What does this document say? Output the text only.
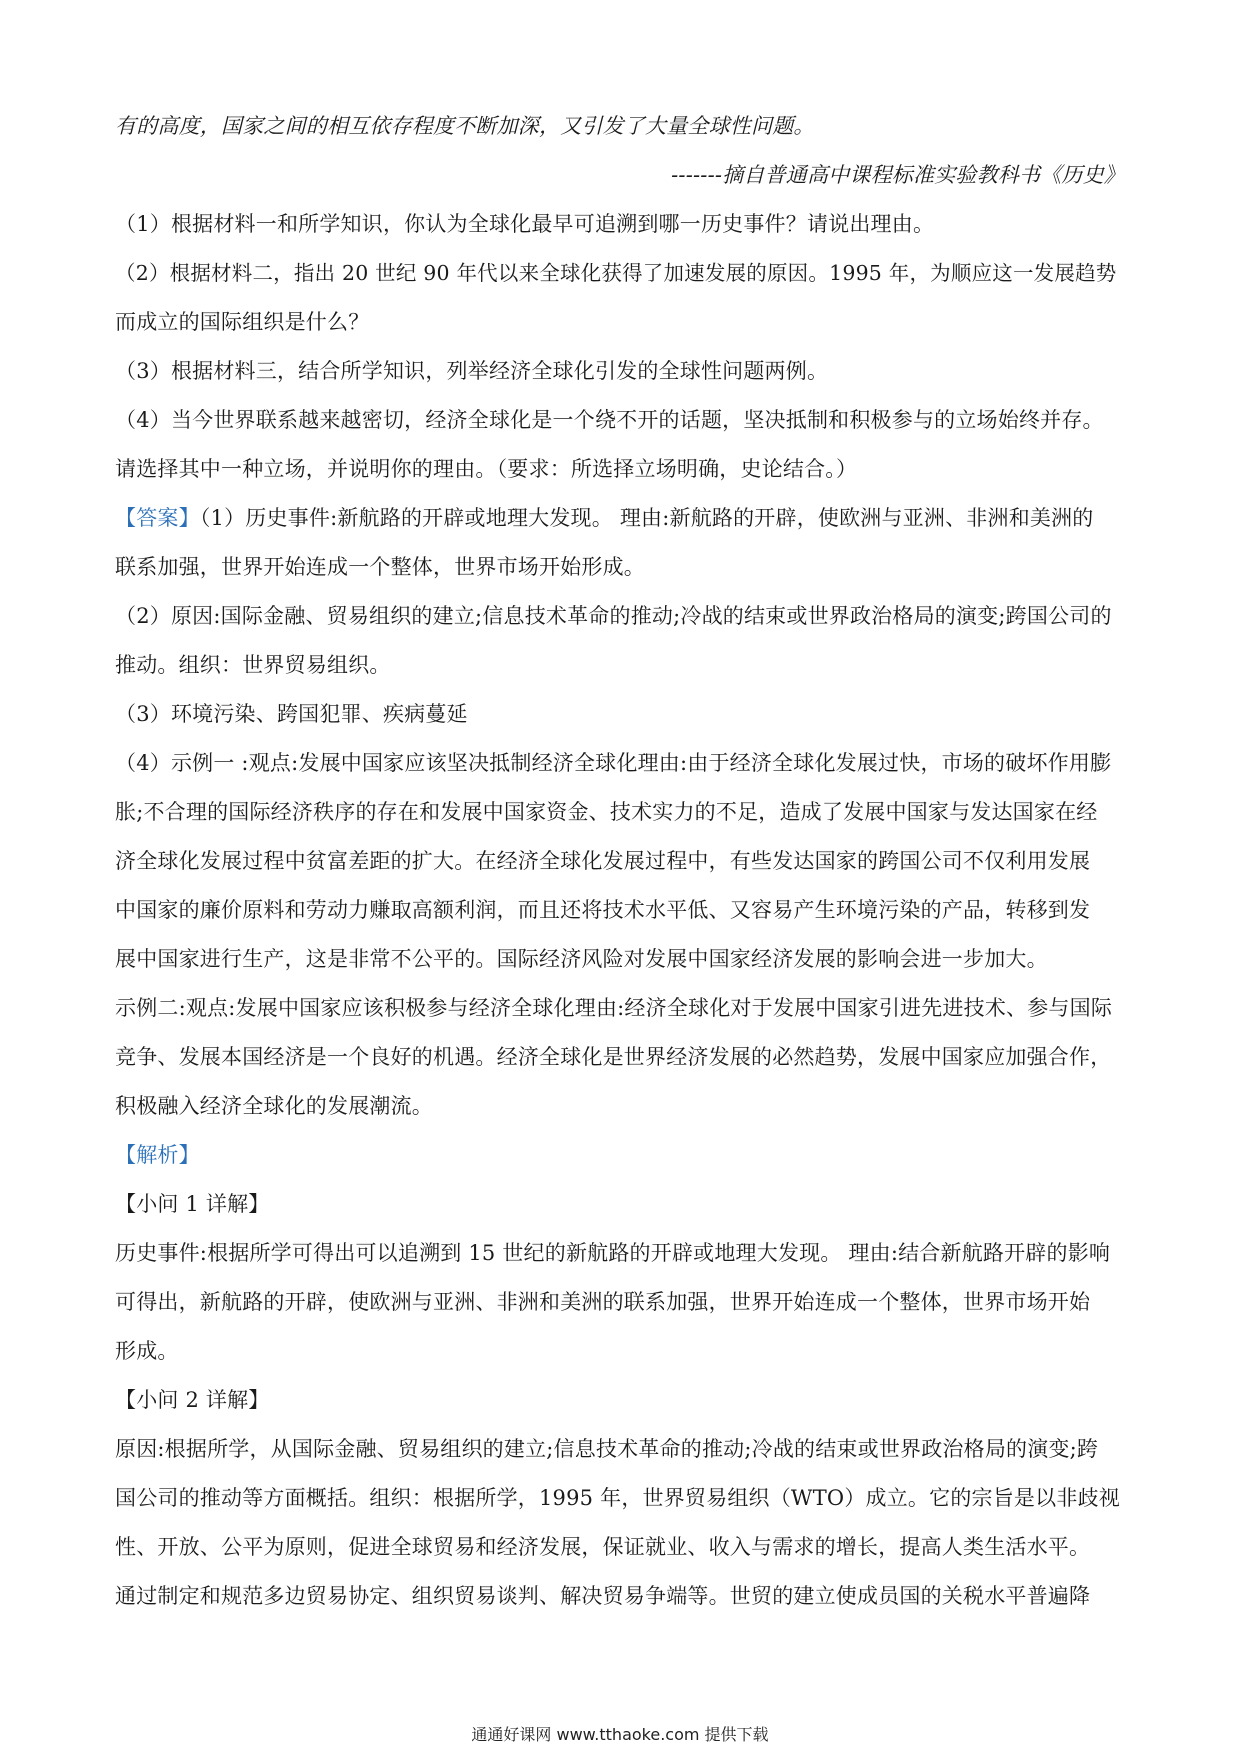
有的高度，国家之间的相互依存程度不断加深，又引发了大量全球性问题。
-------摘自普通高中课程标准实验教科书《历史》
（1）根据材料一和所学知识，你认为全球化最早可追溯到哪一历史事件？请说出理由。
（2）根据材料二，指出 20 世纪 90 年代以来全球化获得了加速发展的原因。1995 年，为顺应这一发展趋势
而成立的国际组织是什么？
（3）根据材料三，结合所学知识，列举经济全球化引发的全球性问题两例。
（4）当今世界联系越来越密切，经济全球化是一个绕不开的话题，坚决抵制和积极参与的立场始终并存。
请选择其中一种立场，并说明你的理由。（要求：所选择立场明确，史论结合。）
【答案】（1）历史事件:新航路的开辟或地理大发现。 理由:新航路的开辟，使欧洲与亚洲、非洲和美洲的
联系加强，世界开始连成一个整体，世界市场开始形成。
（2）原因:国际金融、贸易组织的建立;信息技术革命的推动;冷战的结束或世界政治格局的演变;跨国公司的
推动。组织：世界贸易组织。
（3）环境污染、跨国犯罪、疾病蔓延
（4）示例一 :观点:发展中国家应该坚决抵制经济全球化理由:由于经济全球化发展过快，市场的破坏作用膨
胀;不合理的国际经济秩序的存在和发展中国家资金、技术实力的不足，造成了发展中国家与发达国家在经
济全球化发展过程中贫富差距的扩大。在经济全球化发展过程中，有些发达国家的跨国公司不仅利用发展
中国家的廉价原料和劳动力赚取高额利润，而且还将技术水平低、又容易产生环境污染的产品，转移到发
展中国家进行生产，这是非常不公平的。国际经济风险对发展中国家经济发展的影响会进一步加大。
示例二:观点:发展中国家应该积极参与经济全球化理由:经济全球化对于发展中国家引进先进技术、参与国际
竞争、发展本国经济是一个良好的机遇。经济全球化是世界经济发展的必然趋势，发展中国家应加强合作，
积极融入经济全球化的发展潮流。
【解析】
【小问 1 详解】
历史事件:根据所学可得出可以追溯到 15 世纪的新航路的开辟或地理大发现。 理由:结合新航路开辟的影响
可得出，新航路的开辟，使欧洲与亚洲、非洲和美洲的联系加强，世界开始连成一个整体，世界市场开始
形成。
【小问 2 详解】
原因:根据所学，从国际金融、贸易组织的建立;信息技术革命的推动;冷战的结束或世界政治格局的演变;跨
国公司的推动等方面概括。组织：根据所学，1995 年，世界贸易组织（WTO）成立。它的宗旨是以非歧视
性、开放、公平为原则，促进全球贸易和经济发展，保证就业、收入与需求的增长，提高人类生活水平。
通过制定和规范多边贸易协定、组织贸易谈判、解决贸易争端等。世贸的建立使成员国的关税水平普遍降
通通好课网 www.tthaoke.com 提供下载
